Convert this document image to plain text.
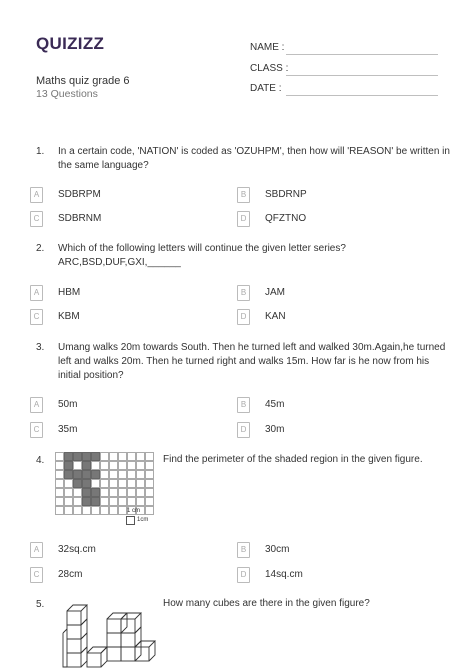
QUIZIZZ
Maths quiz grade 6
13 Questions
NAME :
CLASS :
DATE :
1. In a certain code, 'NATION' is coded as 'OZUHPM', then how will 'REASON' be written in
the same language?
A	SDBRPM	B	SBDRNP
C	SDBRNM	D	QFZTNO
2. Which of the following letters will continue the given letter series?
ARC,BSD,DUF,GXI,______
A	HBM	B	JAM
C	KBM	D	KAN
3. Umang walks 20m towards South. Then he turned left and walked 30m.Again,he turned
left and walks 20m. Then he turned right and walks 15m. How far is he now from his
initial position?
A	50m	B	45m
C	35m	D	30m
4.
1 cm
1cm
Find the perimeter of the shaded region in the given figure.
A	32sq.cm	B	30cm
C	28cm	D	14sq.cm
5.	How many cubes are there in the given figure?
